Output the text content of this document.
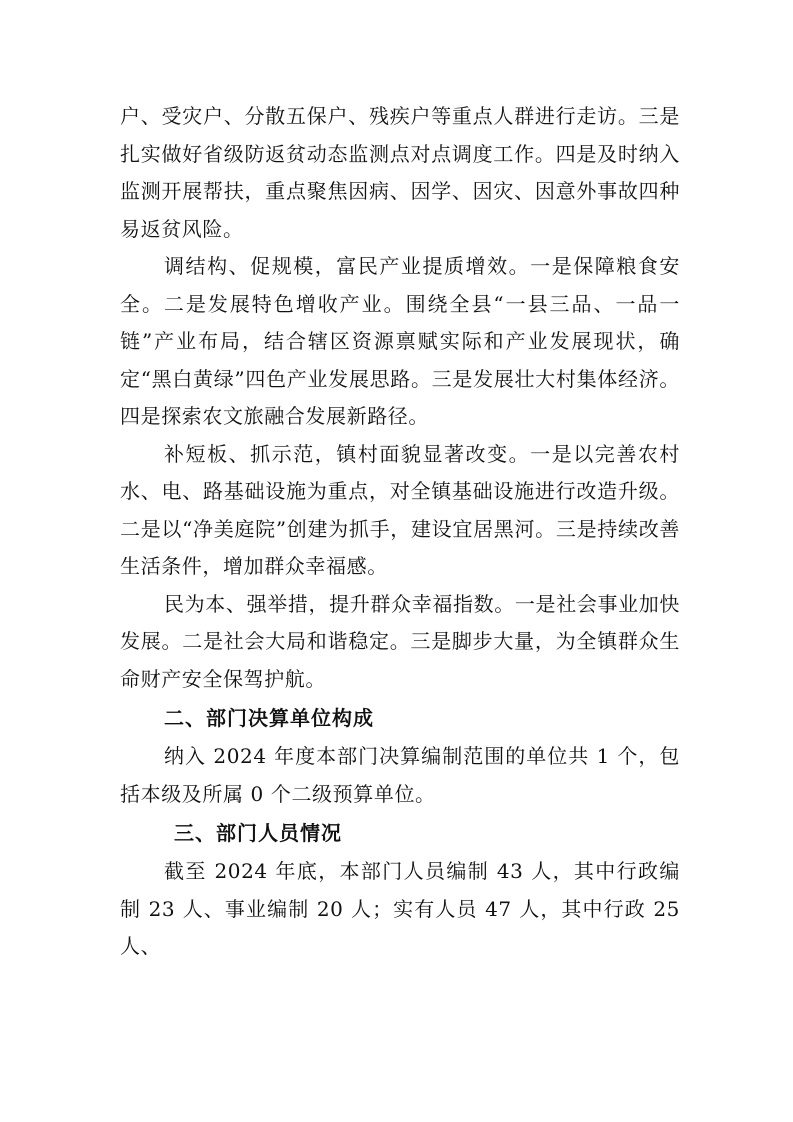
户、受灾户、分散五保户、残疾户等重点人群进行走访。三是扎实做好省级防返贫动态监测点对点调度工作。四是及时纳入监测开展帮扶，重点聚焦因病、因学、因灾、因意外事故四种易返贫风险。

调结构、促规模，富民产业提质增效。一是保障粮食安全。二是发展特色增收产业。围绕全县“一县三品、一品一链”产业布局，结合辖区资源禀赋实际和产业发展现状，确定“黑白黄绿”四色产业发展思路。三是发展壮大村集体经济。四是探索农文旅融合发展新路径。

补短板、抓示范，镇村面貌显著改变。一是以完善农村水、电、路基础设施为重点，对全镇基础设施进行改造升级。二是以“净美庭院”创建为抓手，建设宜居黑河。三是持续改善生活条件，增加群众幸福感。

民为本、强举措，提升群众幸福指数。一是社会事业加快发展。二是社会大局和谐稳定。三是脚步大量，为全镇群众生命财产安全保驾护航。

二、部门决算单位构成

纳入 2024 年度本部门决算编制范围的单位共 1 个，包括本级及所属 0 个二级预算单位。

三、部门人员情况

截至 2024 年底，本部门人员编制 43 人，其中行政编制 23 人、事业编制 20 人；实有人员 47 人，其中行政 25 人、
